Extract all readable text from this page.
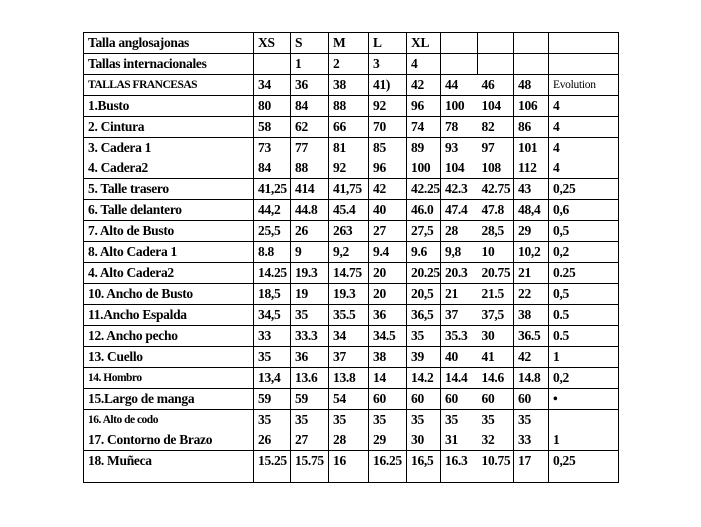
Talla anglosajonas	XS	S	M	L	XL				
Tallas internacionales		1	2	3	4				
TALLAS FRANCESAS	34	36	38	41)	42	44	46	48	Evolution
1.Busto	80	84	88	92	96	100	104	106	4
2. Cintura	58	62	66	70	74	78	82	86	4
3. Cadera 1	73	77	81	85	89	93	97	101	4
4. Cadera2	84	88	92	96	100	104	108	112	4
5. Talle trasero	41,25	414	41,75	42	42.25	42.3	42.75	43	0,25
6. Talle delantero	44,2	44.8	45.4	40	46.0	47.4	47.8	48,4	0,6
7. Alto de Busto	25,5	26	263	27	27,5	28	28,5	29	0,5
8. Alto Cadera 1	8.8	9	9,2	9.4	9.6	9,8	10	10,2	0,2
4. Alto Cadera2	14.25	19.3	14.75	20	20.25	20.3	20.75	21	0.25
10. Ancho de Busto	18,5	19	19.3	20	20,5	21	21.5	22	0,5
11.Ancho Espalda	34,5	35	35.5	36	36,5	37	37,5	38	0.5
12. Ancho pecho	33	33.3	34	34.5	35	35.3	30	36.5	0.5
13. Cuello	35	36	37	38	39	40	41	42	1
14. Hombro	13,4	13.6	13.8	14	14.2	14.4	14.6	14.8	0,2
15.Largo de manga	59	59	54	60	60	60	60	60	•
16. Alto de codo	35	35	35	35	35	35	35	35	
17. Contorno de Brazo	26	27	28	29	30	31	32	33	1
18. Muñeca	15.25	15.75	16	16.25	16,5	16.3	10.75	17	0,25
